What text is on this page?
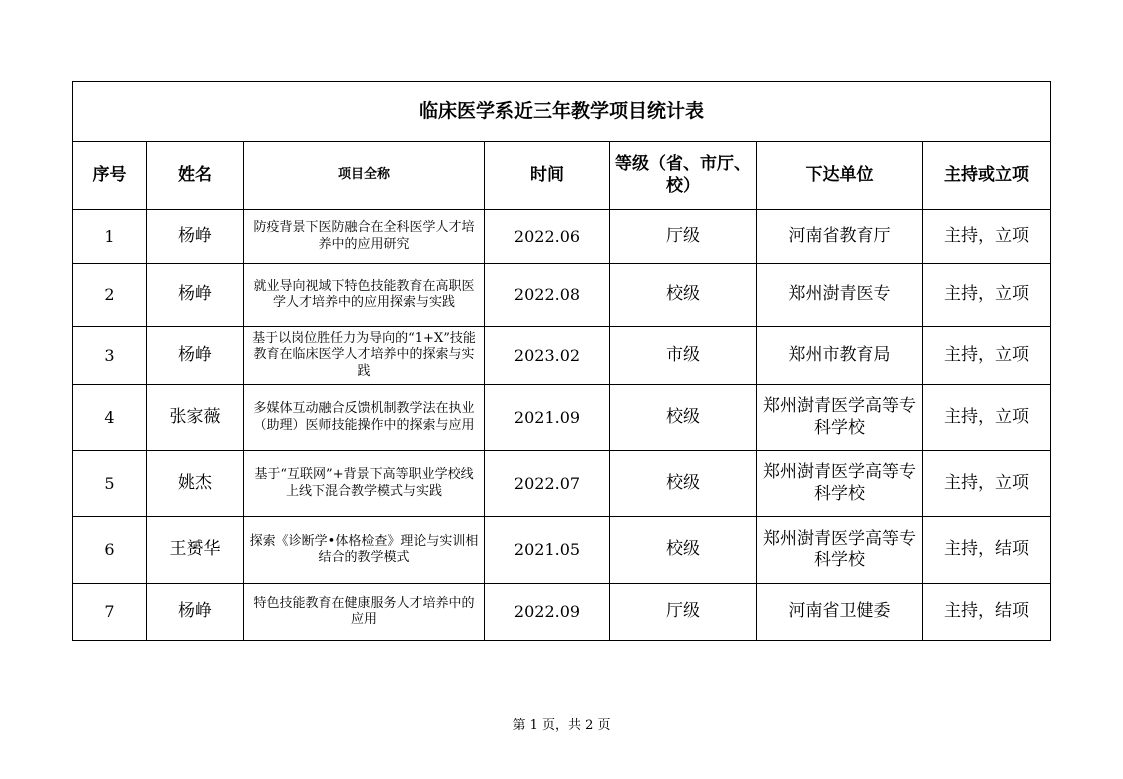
临床医学系近三年教学项目统计表						
序号	姓名	项目全称	时间	等级（省、市厅、校）	下达单位	主持或立项
1	杨峥	防疫背景下医防融合在全科医学人才培养中的应用研究	2022.06	厅级	河南省教育厅	主持，立项
2	杨峥	就业导向视域下特色技能教育在高职医学人才培养中的应用探索与实践	2022.08	校级	郑州澍青医专	主持，立项
3	杨峥	基于以岗位胜任力为导向的“1+X”技能教育在临床医学人才培养中的探索与实践	2023.02	市级	郑州市教育局	主持，立项
4	张家薇	多媒体互动融合反馈机制教学法在执业（助理）医师技能操作中的探索与应用	2021.09	校级	郑州澍青医学高等专科学校	主持，立项
5	姚杰	基于“互联网”+背景下高等职业学校线上线下混合教学模式与实践	2022.07	校级	郑州澍青医学高等专科学校	主持，立项
6	王赟华	探索《诊断学•体格检查》理论与实训相结合的教学模式	2021.05	校级	郑州澍青医学高等专科学校	主持，结项
7	杨峥	特色技能教育在健康服务人才培养中的应用	2022.09	厅级	河南省卫健委	主持，结项
第 1 页，共 2 页
